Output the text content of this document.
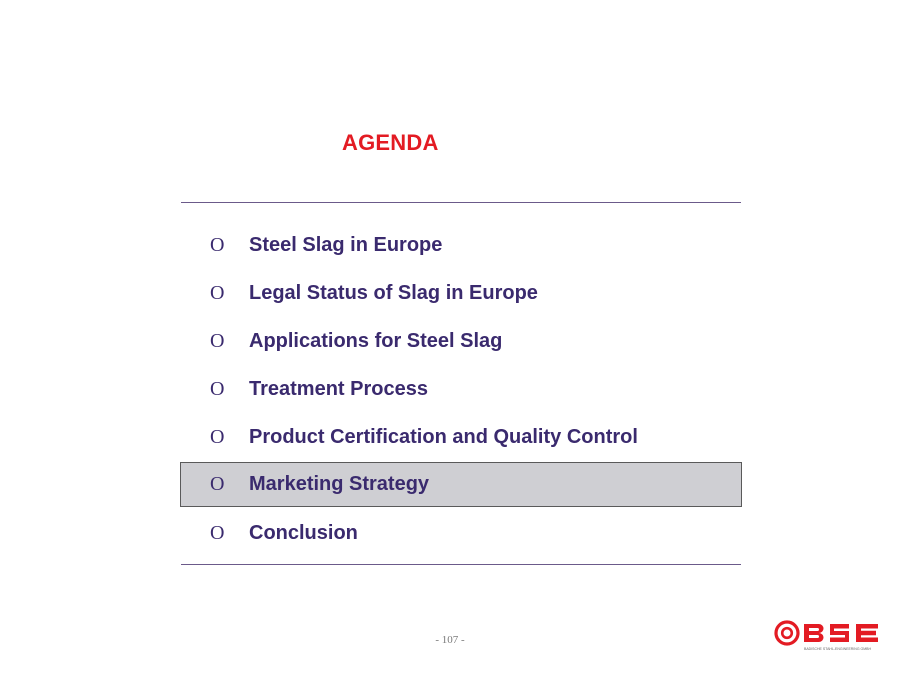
AGENDA
O	Steel Slag in Europe
O	Legal Status of Slag in Europe
O	Applications for Steel Slag
O	Treatment Process
O	Product Certification and Quality Control
O	Marketing Strategy
O	Conclusion
- 107 -
BADISCHE STAHL-ENGINEERING GMBH
